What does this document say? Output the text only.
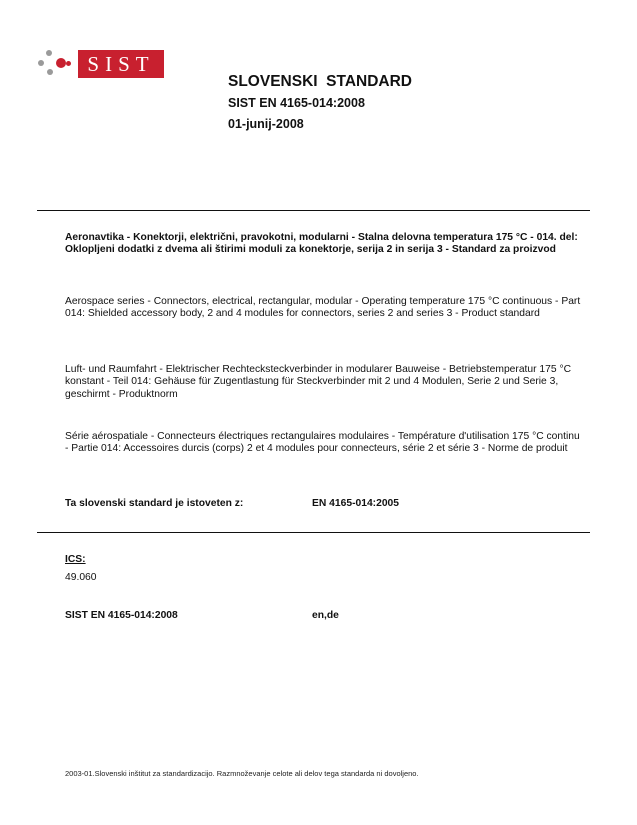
SIST
SLOVENSKI  STANDARD
SIST EN 4165-014:2008
01-junij-2008

Aeronavtika - Konektorji, električni, pravokotni, modularni - Stalna delovna temperatura 175 °C - 014. del: Oklopljeni dodatki z dvema ali štirimi moduli za konektorje, serija 2 in serija 3 - Standard za proizvod

Aerospace series - Connectors, electrical, rectangular, modular - Operating temperature 175 °C continuous - Part 014: Shielded accessory body, 2 and 4 modules for connectors, series 2 and series 3 - Product standard

Luft- und Raumfahrt - Elektrischer Rechtecksteckverbinder in modularer Bauweise - Betriebstemperatur 175 °C konstant - Teil 014: Gehäuse für Zugentlastung für Steckverbinder mit 2 und 4 Modulen, Serie 2 und Serie 3, geschirmt - Produktnorm

Série aérospatiale - Connecteurs électriques rectangulaires modulaires - Température d'utilisation 175 °C continu - Partie 014: Accessoires durcis (corps) 2 et 4 modules pour connecteurs, série 2 et série 3 - Norme de produit

Ta slovenski standard je istoveten z:	EN 4165-014:2005
ICS:
49.060
SIST EN 4165-014:2008	en,de
2003-01.Slovenski inštitut za standardizacijo. Razmnoževanje celote ali delov tega standarda ni dovoljeno.
